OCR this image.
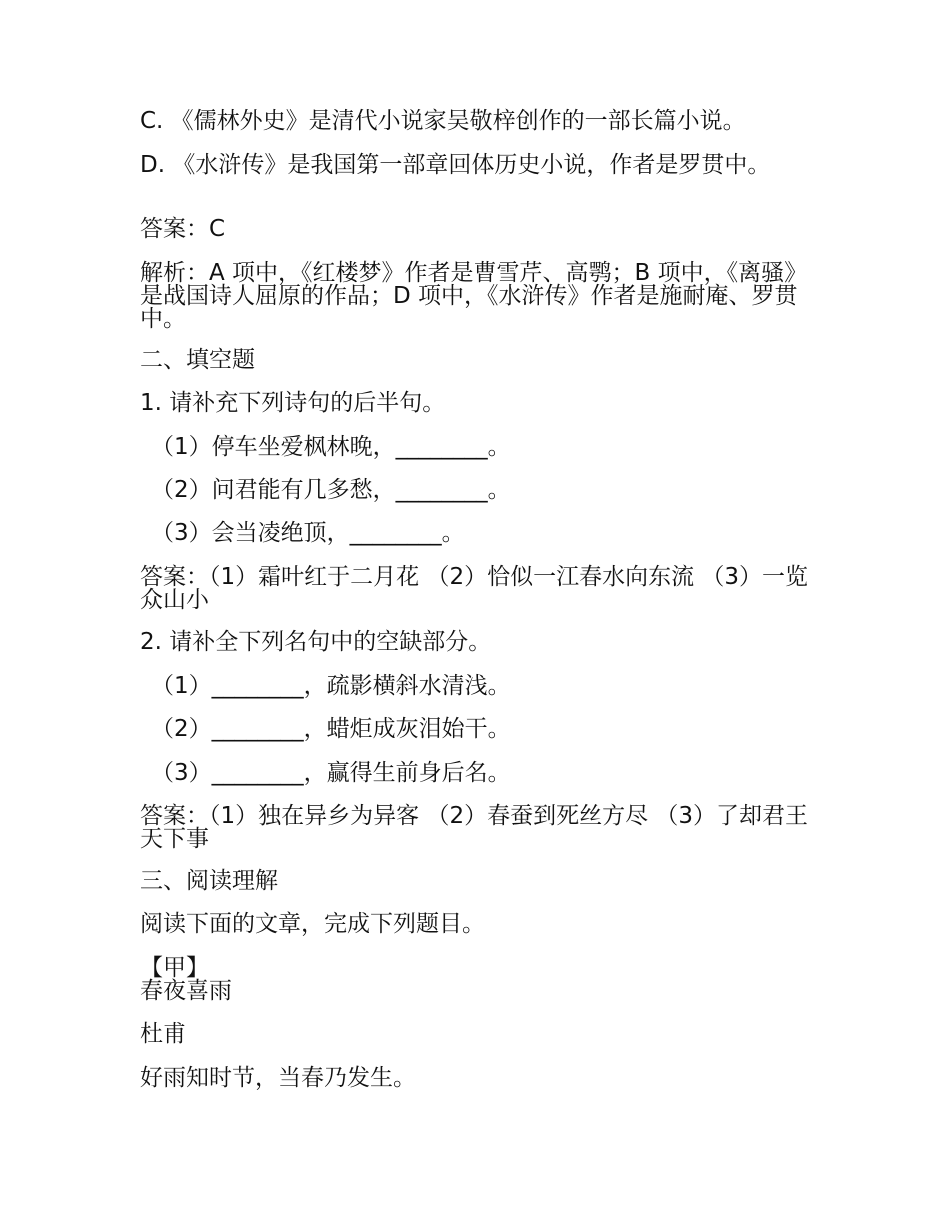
C. 《儒林外史》是清代小说家吴敬梓创作的一部长篇小说。

D. 《水浒传》是我国第一部章回体历史小说，作者是罗贯中。

答案：C

解析：A 项中，《红楼梦》作者是曹雪芹、高鹗；B 项中，《离骚》是战国诗人屈原的作品；D 项中，《水浒传》作者是施耐庵、罗贯中。

二、填空题

1. 请补充下列诗句的后半句。

（1）停车坐爱枫林晚，________。

（2）问君能有几多愁，________。

（3）会当凌绝顶，________。

答案：（1）霜叶红于二月花 （2）恰似一江春水向东流 （3）一览众山小

2. 请补全下列名句中的空缺部分。

（1）________，疏影横斜水清浅。

（2）________，蜡炬成灰泪始干。

（3）________，赢得生前身后名。

答案：（1）独在异乡为异客 （2）春蚕到死丝方尽 （3）了却君王天下事

三、阅读理解

阅读下面的文章，完成下列题目。

【甲】

春夜喜雨

杜甫

好雨知时节，当春乃发生。
